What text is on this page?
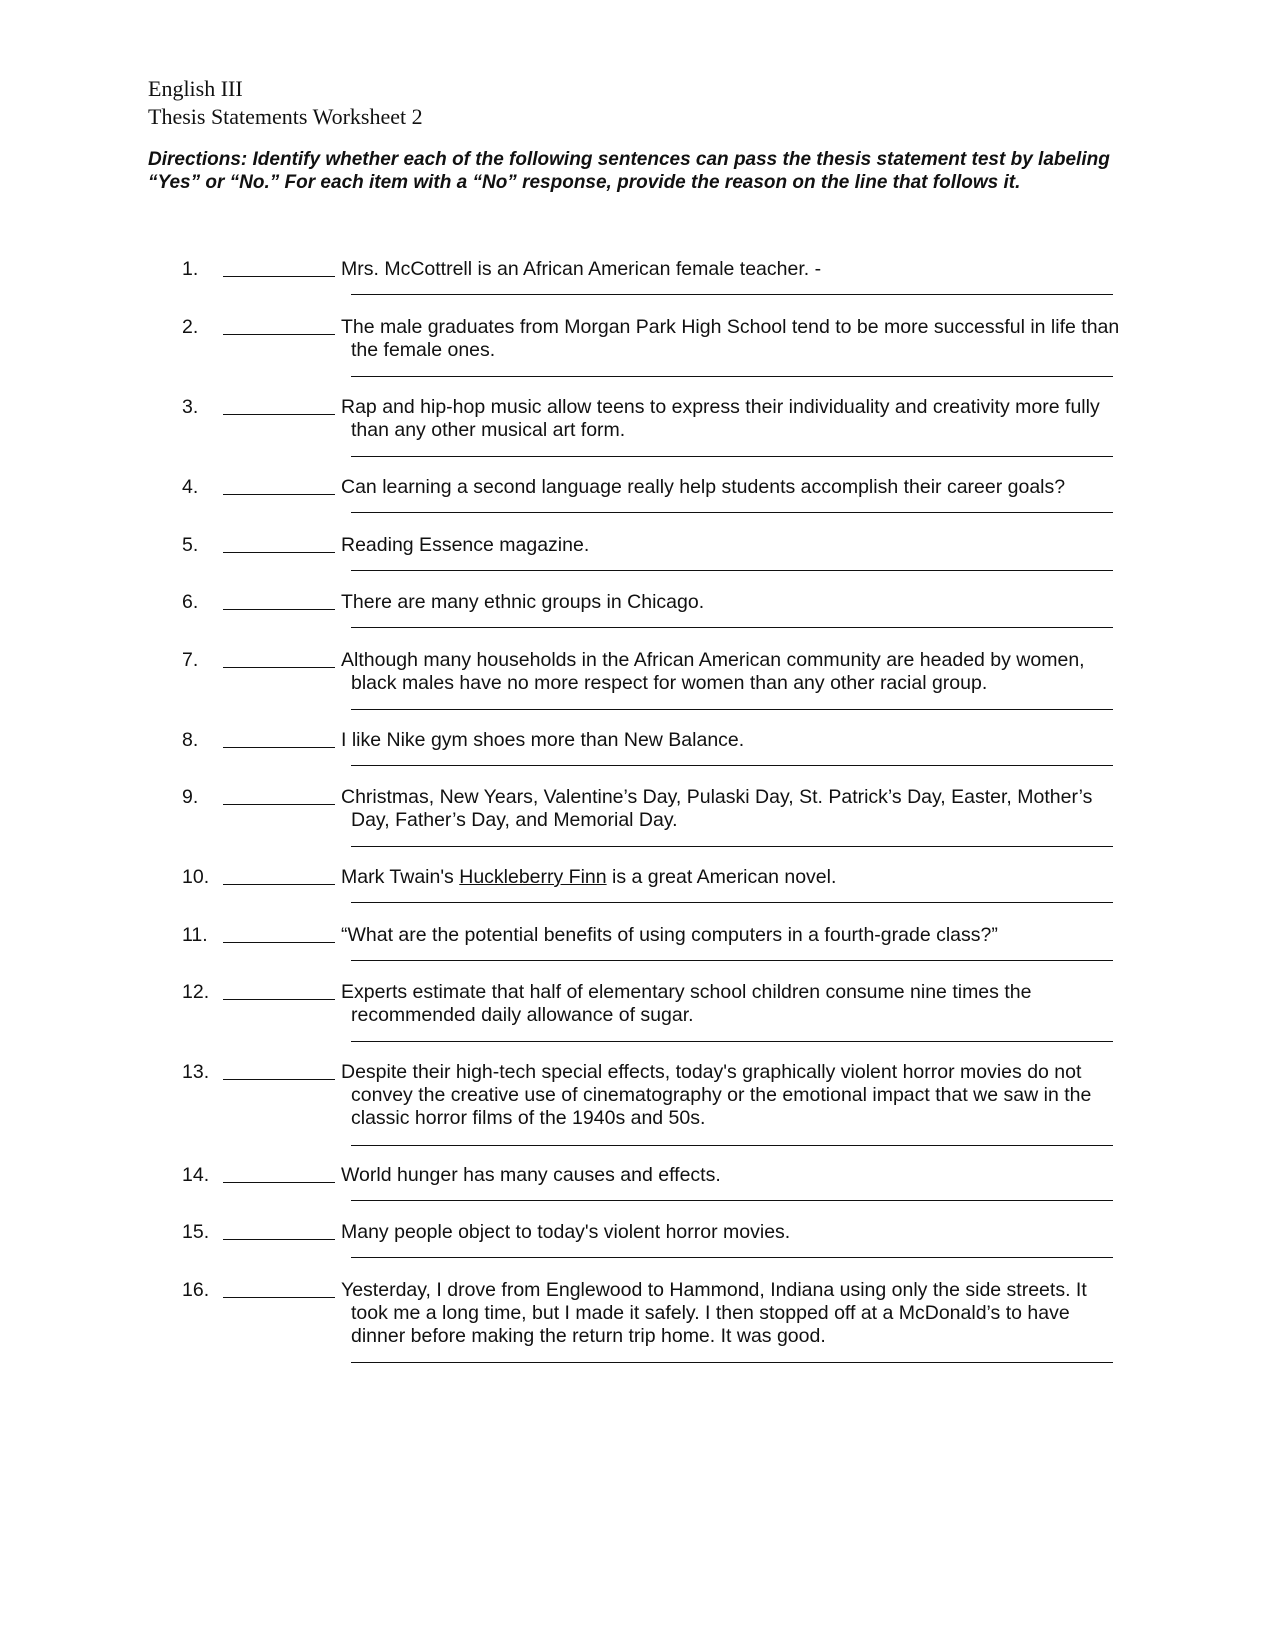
English III
Thesis Statements Worksheet 2
Directions: Identify whether each of the following sentences can pass the thesis statement test by labeling “Yes” or “No.” For each item with a “No” response, provide the reason on the line that follows it.
1.	Mrs. McCottrell is an African American female teacher. -
2.	The male graduates from Morgan Park High School tend to be more successful in life than the female ones.
3.	Rap and hip-hop music allow teens to express their individuality and creativity more fully than any other musical art form.
4.	Can learning a second language really help students accomplish their career goals?
5.	Reading Essence magazine.
6.	There are many ethnic groups in Chicago.
7.	Although many households in the African American community are headed by women, black males have no more respect for women than any other racial group.
8.	I like Nike gym shoes more than New Balance.
9.	Christmas, New Years, Valentine’s Day, Pulaski Day, St. Patrick’s Day, Easter, Mother’s Day, Father’s Day, and Memorial Day.
10.	Mark Twain's Huckleberry Finn is a great American novel.
11.	“What are the potential benefits of using computers in a fourth-grade class?”
12.	Experts estimate that half of elementary school children consume nine times the recommended daily allowance of sugar.
13.	Despite their high-tech special effects, today's graphically violent horror movies do not convey the creative use of cinematography or the emotional impact that we saw in the classic horror films of the 1940s and 50s.
14.	World hunger has many causes and effects.
15.	Many people object to today's violent horror movies.
16.	Yesterday, I drove from Englewood to Hammond, Indiana using only the side streets. It took me a long time, but I made it safely. I then stopped off at a McDonald’s to have dinner before making the return trip home. It was good.
